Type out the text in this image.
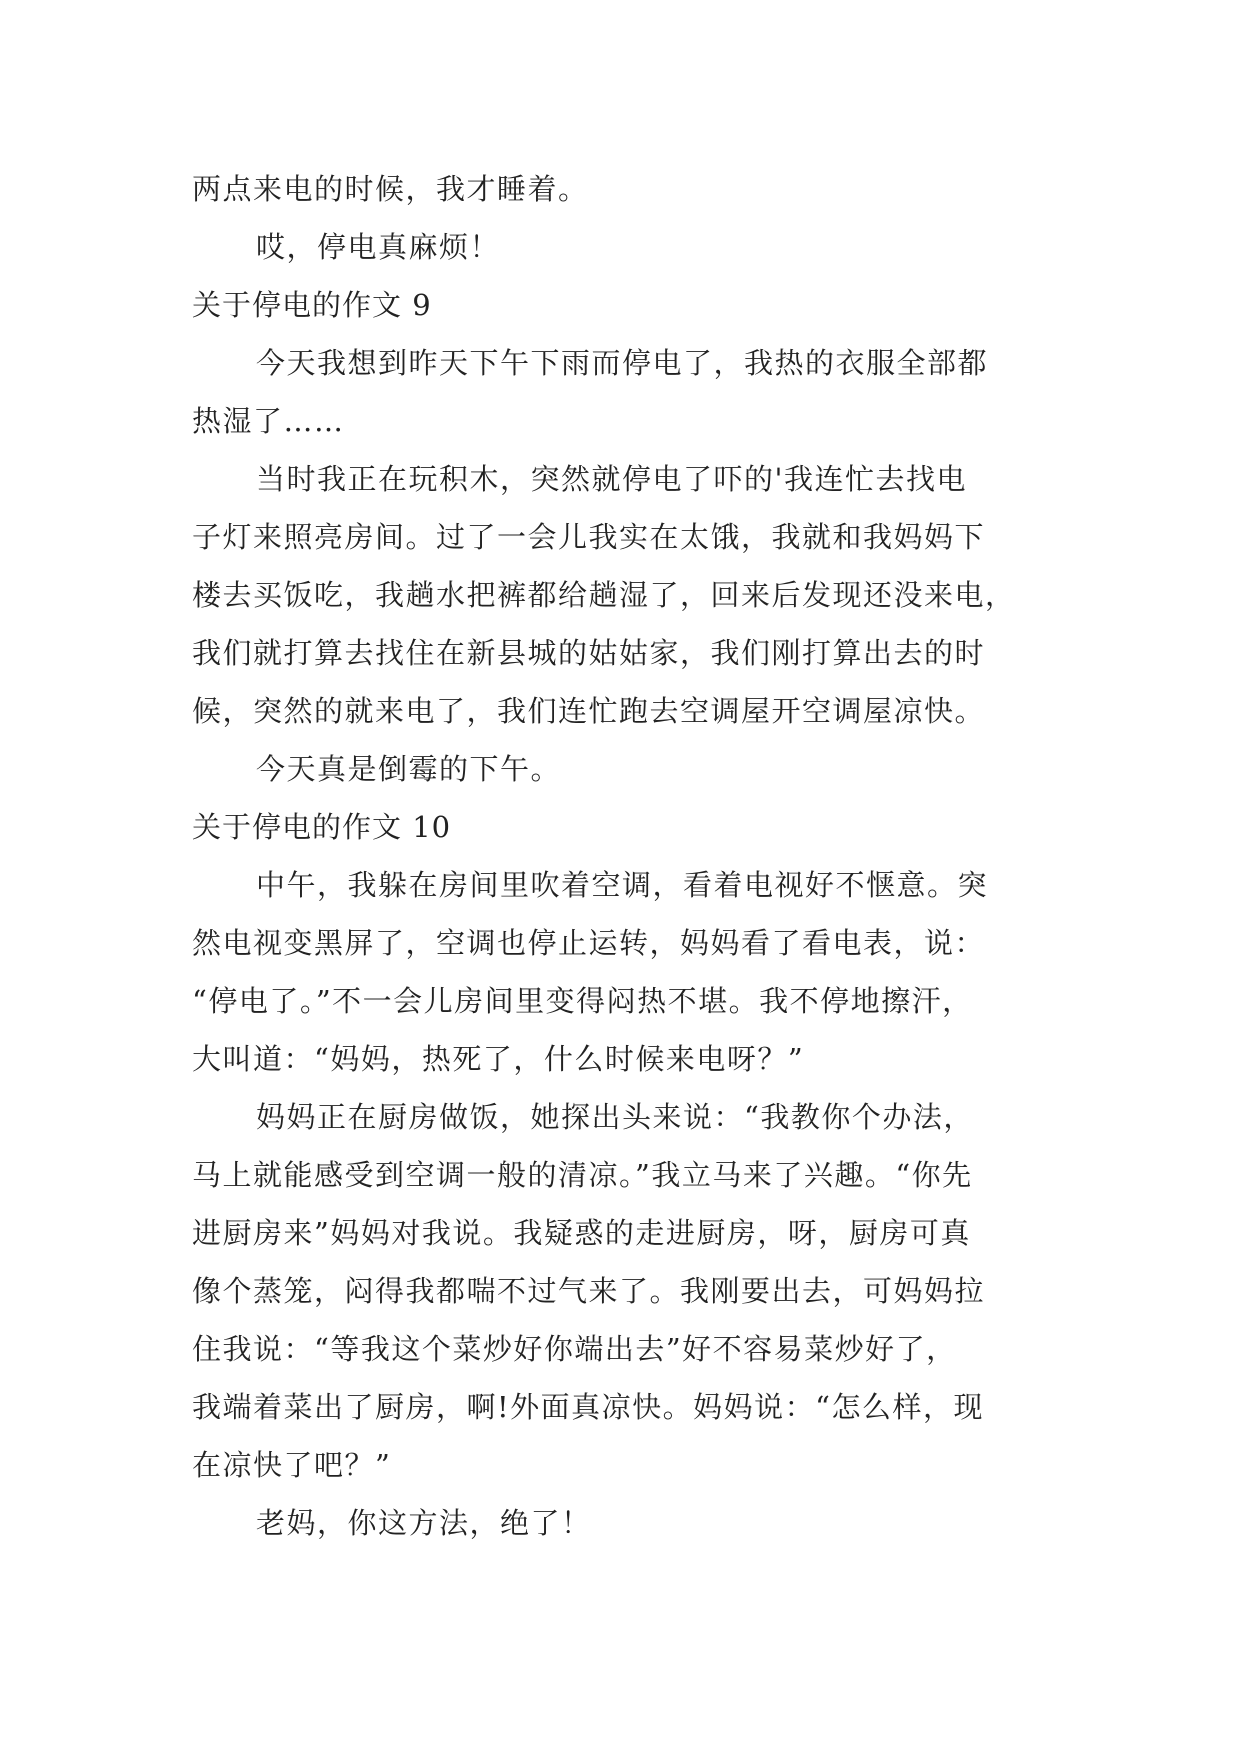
两点来电的时候，我才睡着。
哎，停电真麻烦！
关于停电的作文 9
今天我想到昨天下午下雨而停电了，我热的衣服全部都
热湿了……
当时我正在玩积木，突然就停电了吓的'我连忙去找电
子灯来照亮房间。过了一会儿我实在太饿，我就和我妈妈下
楼去买饭吃，我趟水把裤都给趟湿了，回来后发现还没来电，
我们就打算去找住在新县城的姑姑家，我们刚打算出去的时
候，突然的就来电了，我们连忙跑去空调屋开空调屋凉快。
今天真是倒霉的下午。
关于停电的作文 10
中午，我躲在房间里吹着空调，看着电视好不惬意。突
然电视变黑屏了，空调也停止运转，妈妈看了看电表，说：
“停电了。”不一会儿房间里变得闷热不堪。我不停地擦汗，
大叫道：“妈妈，热死了，什么时候来电呀？”
妈妈正在厨房做饭，她探出头来说：“我教你个办法，
马上就能感受到空调一般的清凉。”我立马来了兴趣。“你先
进厨房来”妈妈对我说。我疑惑的走进厨房，呀，厨房可真
像个蒸笼，闷得我都喘不过气来了。我刚要出去，可妈妈拉
住我说：“等我这个菜炒好你端出去”好不容易菜炒好了，
我端着菜出了厨房，啊!外面真凉快。妈妈说：“怎么样，现
在凉快了吧？”
老妈，你这方法，绝了！
